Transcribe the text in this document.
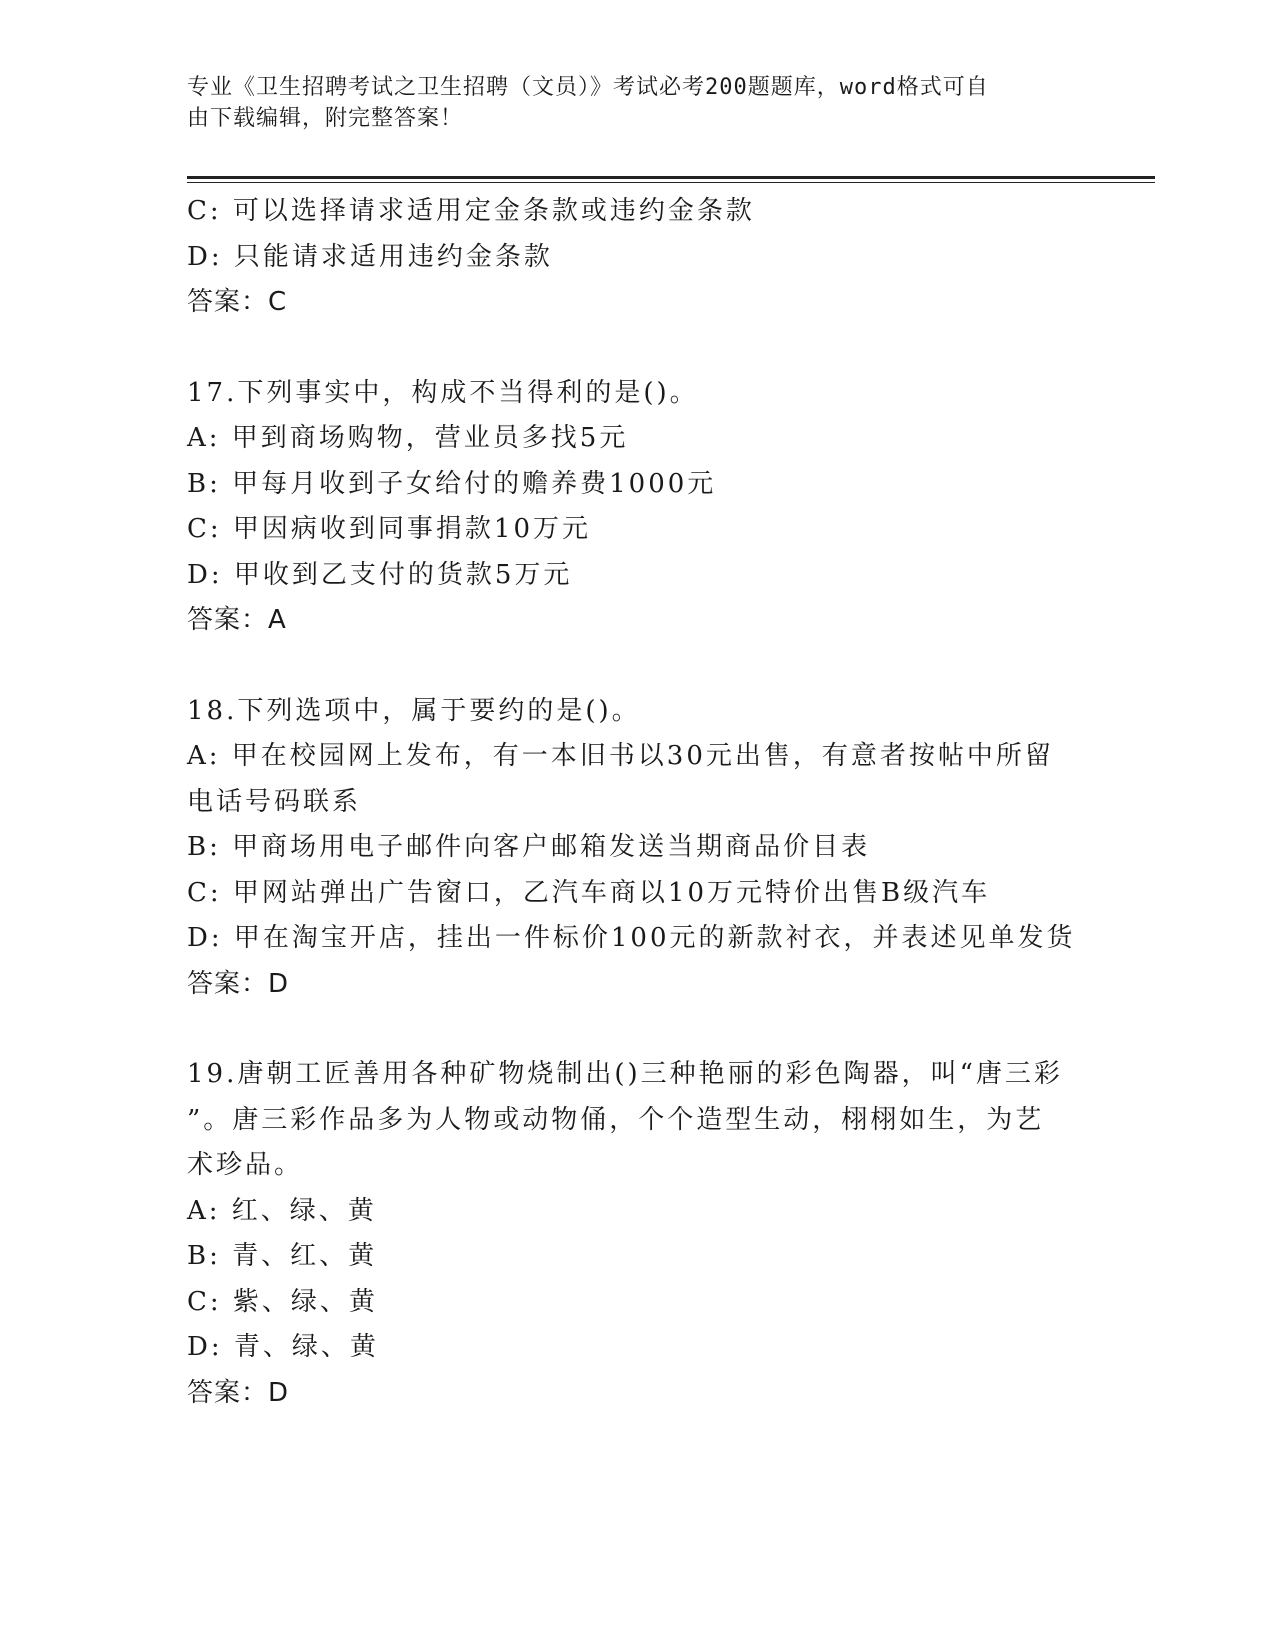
专业《卫生招聘考试之卫生招聘（文员）》考试必考200题题库，word格式可自
由下载编辑，附完整答案！
C: 可以选择请求适用定金条款或违约金条款
D: 只能请求适用违约金条款
答案：C
17.下列事实中，构成不当得利的是()。
A: 甲到商场购物，营业员多找5元
B: 甲每月收到子女给付的赡养费1000元
C: 甲因病收到同事捐款10万元
D: 甲收到乙支付的货款5万元
答案：A
18.下列选项中，属于要约的是()。
A: 甲在校园网上发布，有一本旧书以30元出售，有意者按帖中所留
电话号码联系
B: 甲商场用电子邮件向客户邮箱发送当期商品价目表
C: 甲网站弹出广告窗口，乙汽车商以10万元特价出售B级汽车
D: 甲在淘宝开店，挂出一件标价100元的新款衬衣，并表述见单发货
答案：D
19.唐朝工匠善用各种矿物烧制出()三种艳丽的彩色陶器，叫“唐三彩
”。唐三彩作品多为人物或动物俑，个个造型生动，栩栩如生，为艺
术珍品。
A: 红、绿、黄
B: 青、红、黄
C: 紫、绿、黄
D: 青、绿、黄
答案：D
